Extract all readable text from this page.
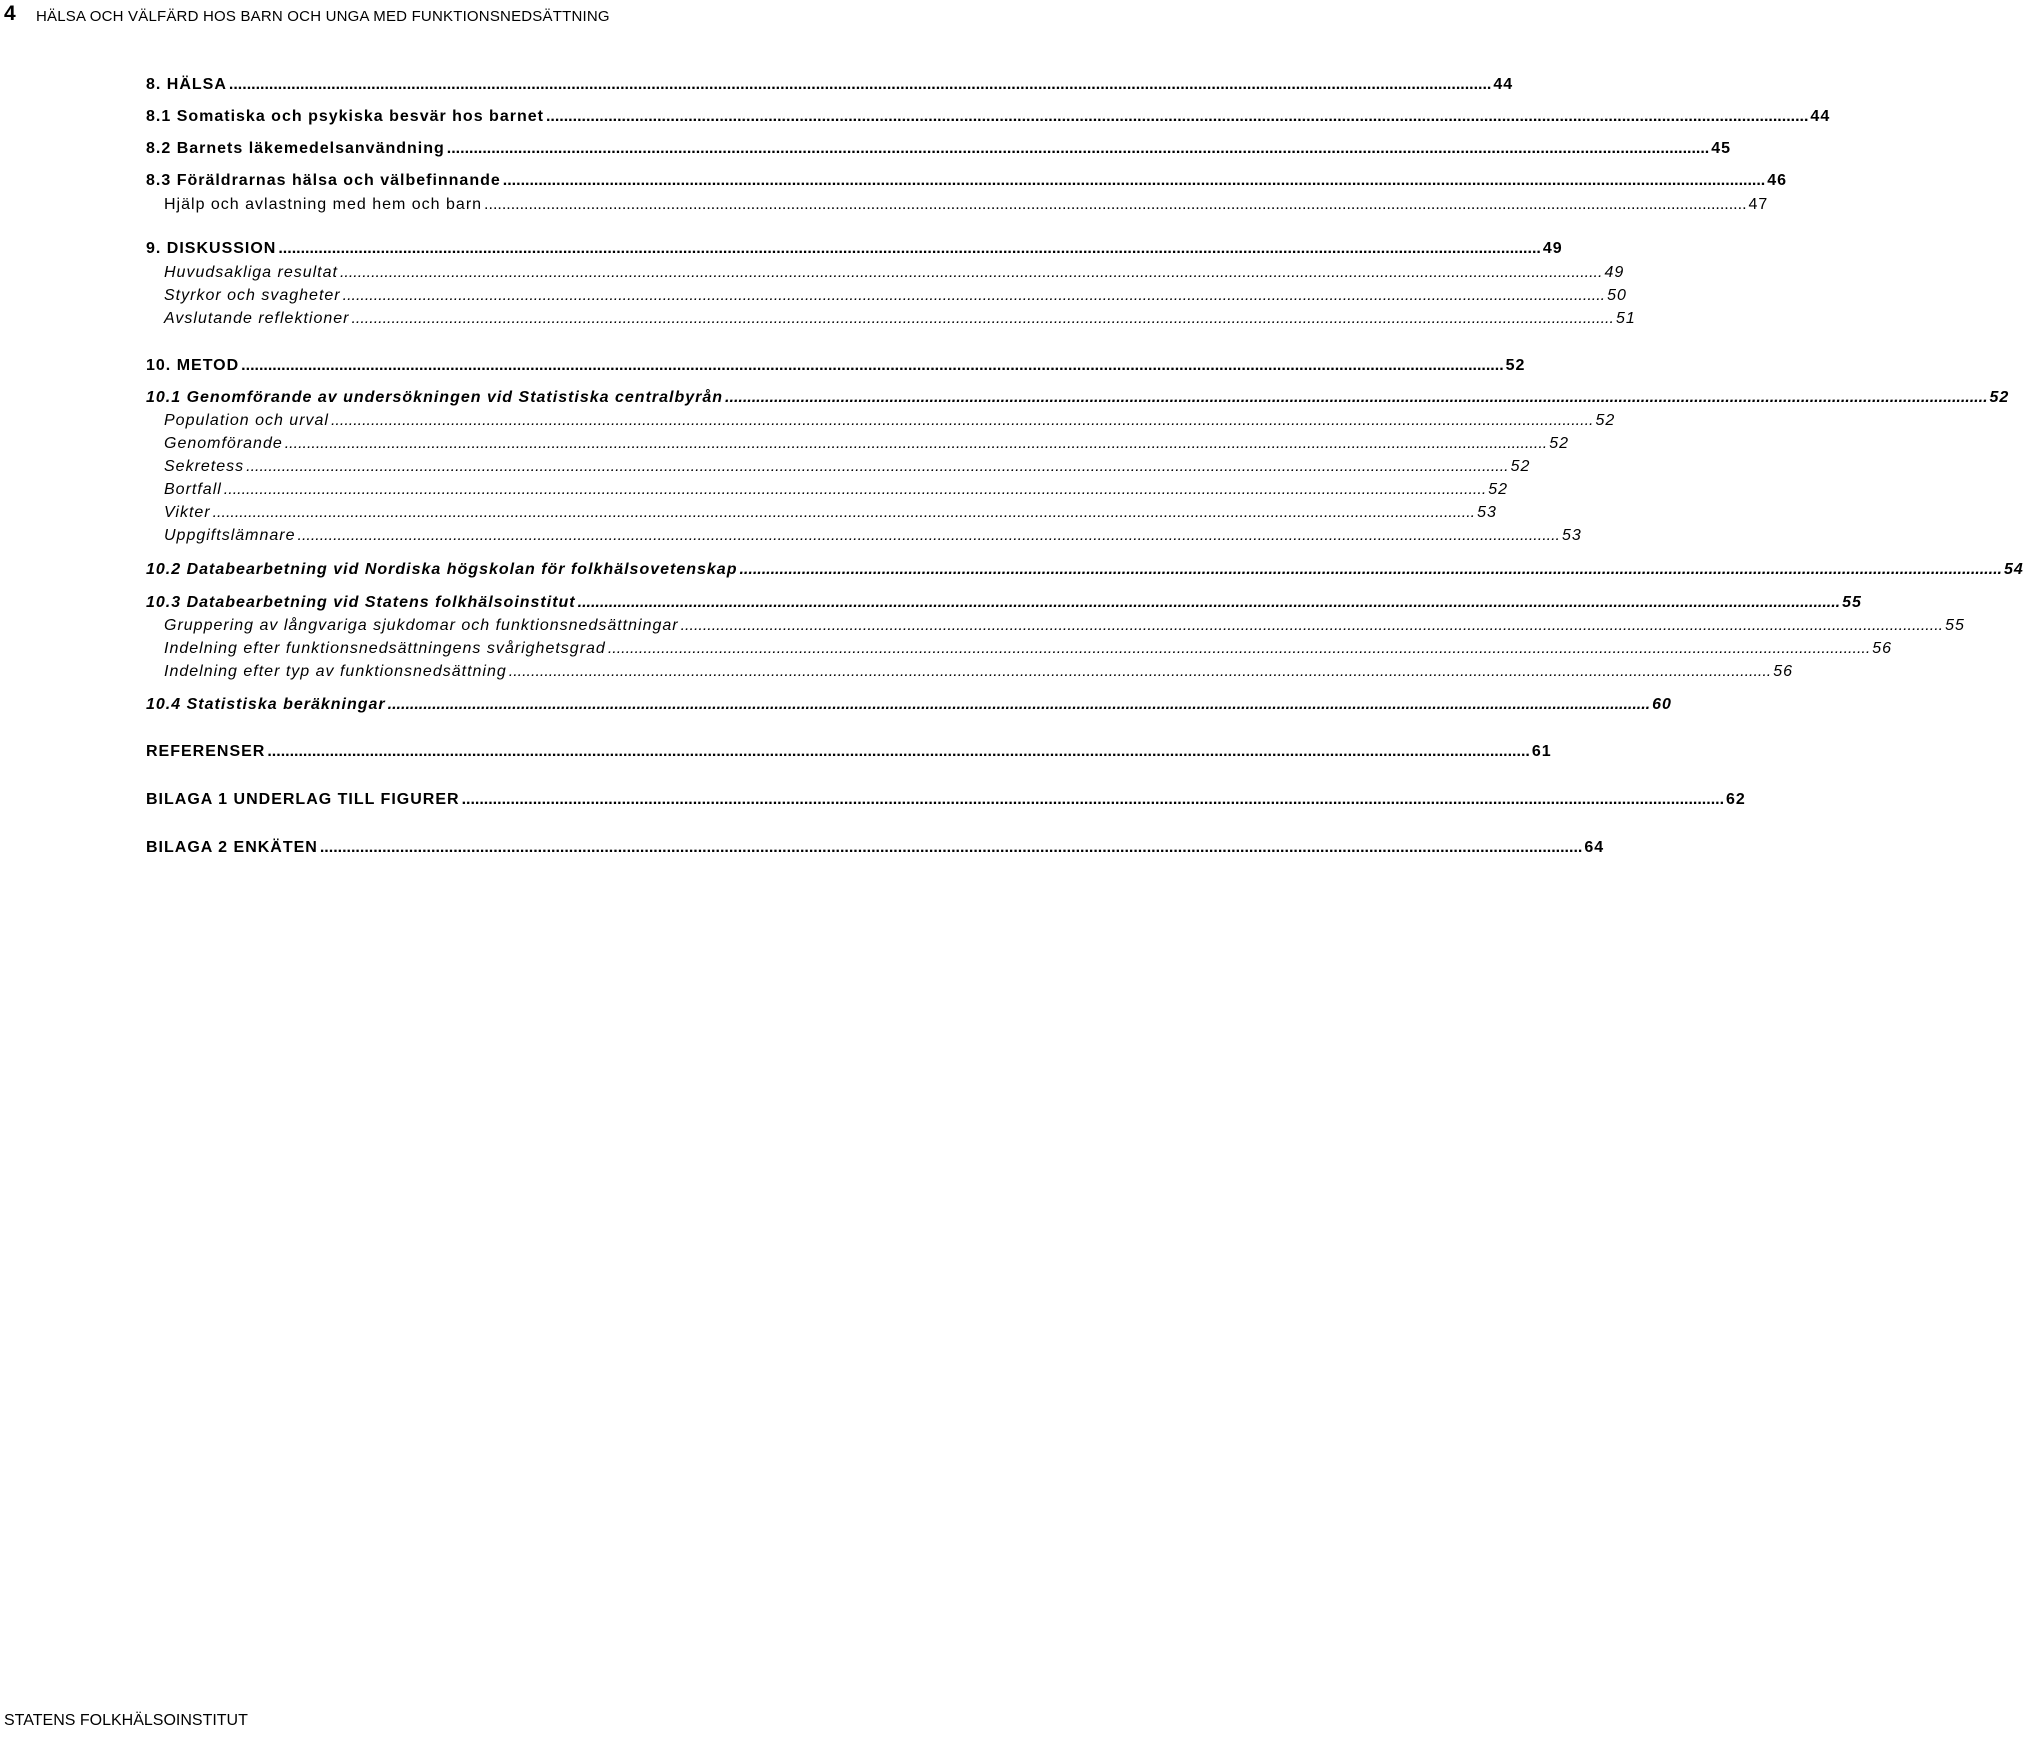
4 HÄLSA OCH VÄLFÄRD HOS BARN OCH UNGA MED FUNKTIONSNEDSÄTTNING
8. HÄLSA .....	44
8.1 Somatiska och psykiska besvär hos barnet .....	44
8.2 Barnets läkemedelsanvändning .....	45
8.3 Föräldrarnas hälsa och välbefinnande .....	46
Hjälp och avlastning med hem och barn .....	47
9. DISKUSSION .....	49
Huvudsakliga resultat .....	49
Styrkor och svagheter .....	50
Avslutande reflektioner .....	51
10. METOD .....	52
10.1 Genomförande av undersökningen vid Statistiska centralbyrån .....	52
Population och urval .....	52
Genomförande .....	52
Sekretess .....	52
Bortfall .....	52
Vikter .....	53
Uppgiftslämnare .....	53
10.2 Databearbetning vid Nordiska högskolan för folkhälsovetenskap .....	54
10.3 Databearbetning vid Statens folkhälsoinstitut .....	55
Gruppering av långvariga sjukdomar och funktionsnedsättningar .....	55
Indelning efter funktionsnedsättningens svårighetsgrad .....	56
Indelning efter typ av funktionsnedsättning .....	56
10.4 Statistiska beräkningar .....	60
REFERENSER .....	61
BILAGA 1 UNDERLAG TILL FIGURER .....	62
BILAGA 2 ENKÄTEN .....	64
STATENS FOLKHÄLSOINSTITUT
